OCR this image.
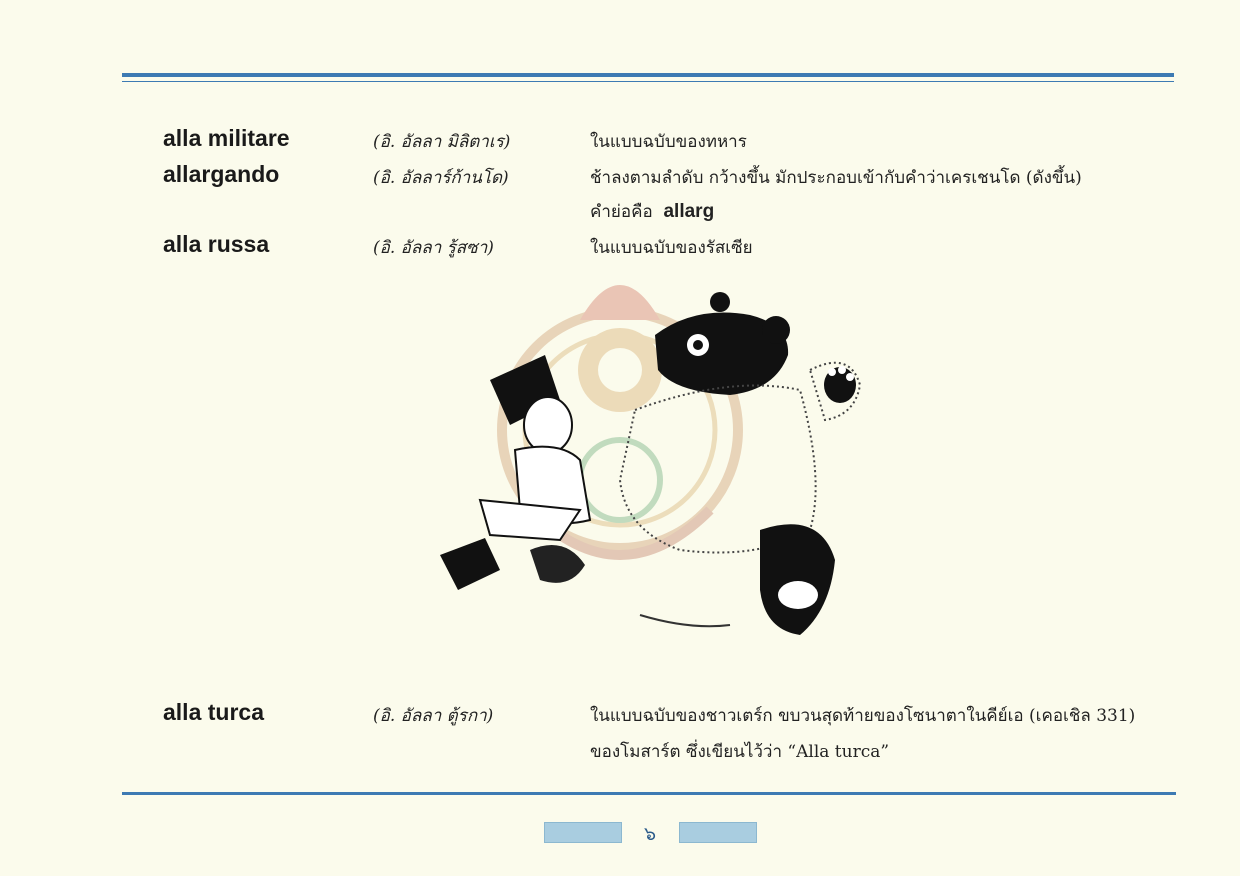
alla militare	(อิ. อัลลา มิลิตาเร)	ในแบบฉบับของทหาร
allargando	(อิ. อัลลาร์ก้านโด)	ช้าลงตามลำดับ กว้างขึ้น มักประกอบเข้ากับคำว่าเครเชนโด (ดังขึ้น)
คำย่อคือ allarg
alla russa	(อิ. อัลลา รู้สซา)	ในแบบฉบับของรัสเซีย
alla turca	(อิ. อัลลา ตู้รกา)	ในแบบฉบับของชาวเตร์ก ขบวนสุดท้ายของโซนาตาในคีย์เอ (เคอเชิล 331)
ของโมสาร์ต ซึ่งเขียนไว้ว่า “Alla turca”
๖
